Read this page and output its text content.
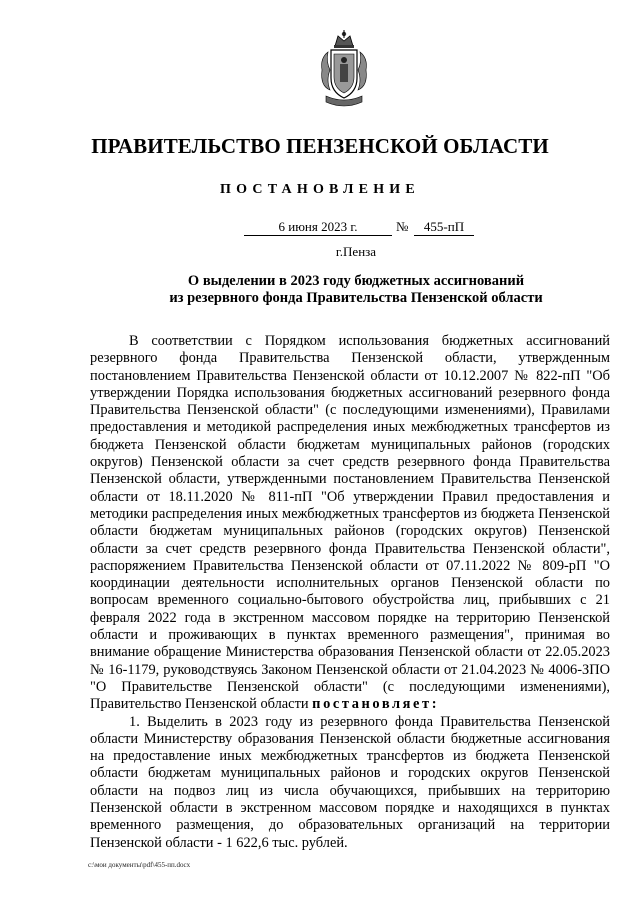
ПРАВИТЕЛЬСТВО ПЕНЗЕНСКОЙ ОБЛАСТИ
ПОСТАНОВЛЕНИЕ
6 июня 2023 г.	№	455-пП
г.Пенза
О выделении в 2023 году бюджетных ассигнований
из резервного фонда Правительства Пензенской области

В соответствии с Порядком использования бюджетных ассигнований резервного фонда Правительства Пензенской области, утвержденным постановлением Правительства Пензенской области от 10.12.2007 № 822-пП "Об утверждении Порядка использования бюджетных ассигнований резервного фонда Правительства Пензенской области" (с последующими изменениями), Правилами предоставления и методикой распределения иных межбюджетных трансфертов из бюджета Пензенской области бюджетам муниципальных районов (городских округов) Пензенской области за счет средств резервного фонда Правительства Пензенской области, утвержденными постановлением Правительства Пензенской области от 18.11.2020 № 811-пП "Об утверждении Правил предоставления и методики распределения иных межбюджетных трансфертов из бюджета Пензенской области бюджетам муниципальных районов (городских округов) Пензенской области за счет средств резервного фонда Правительства Пензенской области", распоряжением Правительства Пензенской области от 07.11.2022 № 809-рП "О координации деятельности исполнительных органов Пензенской области по вопросам временного социально-бытового обустройства лиц, прибывших с 21 февраля 2022 года в экстренном массовом порядке на территорию Пензенской области и проживающих в пунктах временного размещения", принимая во внимание обращение Министерства образования Пензенской области от 22.05.2023 № 16-1179, руководствуясь Законом Пензенской области от 21.04.2023 № 4006-ЗПО "О Правительстве Пензенской области" (с последующими изменениями), Правительство Пензенской области постановляет:

1. Выделить в 2023 году из резервного фонда Правительства Пензенской области Министерству образования Пензенской области бюджетные ассигнования на предоставление иных межбюджетных трансфертов из бюджета Пензенской области бюджетам муниципальных районов и городских округов Пензенской области на подвоз лиц из числа обучающихся, прибывших на территорию Пензенской области в экстренном массовом порядке и находящихся в пунктах временного размещения, до образовательных организаций на территории Пензенской области - 1 622,6 тыс. рублей.

c:\мои документы\pdf\455-пп.docx
